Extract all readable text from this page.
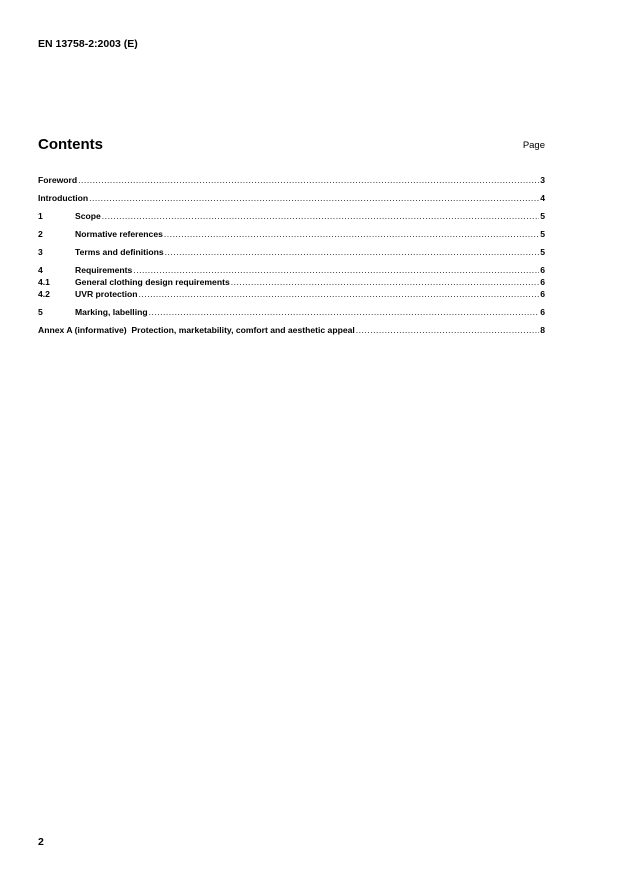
EN 13758-2:2003 (E)
Contents	Page
Foreword .....	3
Introduction .....	4
1	Scope .....	5
2	Normative references .....	5
3	Terms and definitions .....	5
4	Requirements .....	6
4.1	General clothing design requirements .....	6
4.2	UVR protection .....	6
5	Marking, labelling .....	6
Annex A (informative)  Protection, marketability, comfort and aesthetic appeal .....	8
2
